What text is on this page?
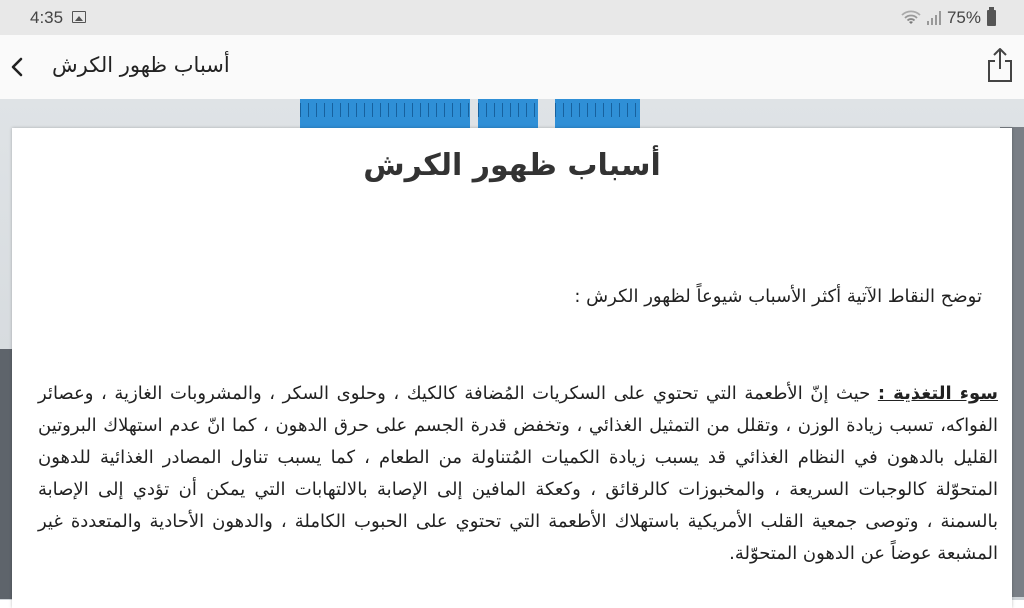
4:35	75%
أسباب ظهور الكرش
أسباب ظهور الكرش
توضح النقاط الآتية أكثر الأسباب شيوعاً لظهور الكرش :
سوء التغذية : حيث إنّ الأطعمة التي تحتوي على السكريات المُضافة كالكيك ، وحلوى السكر ، والمشروبات الغازية ، وعصائر الفواكه، تسبب زيادة الوزن ، وتقلل من التمثيل الغذائي ، وتخفض قدرة الجسم على حرق الدهون ، كما انّ عدم استهلاك البروتين القليل بالدهون في النظام الغذائي قد يسبب زيادة الكميات المُتناولة من الطعام ، كما يسبب تناول المصادر الغذائية للدهون المتحوّلة كالوجبات السريعة ، والمخبوزات كالرقائق ، وكعكة المافين إلى الإصابة بالالتهابات التي يمكن أن تؤدي إلى الإصابة بالسمنة ، وتوصى جمعية القلب الأمريكية باستهلاك الأطعمة التي تحتوي على الحبوب الكاملة ، والدهون الأحادية والمتعددة غير المشبعة عوضاً عن الدهون المتحوّلة.
